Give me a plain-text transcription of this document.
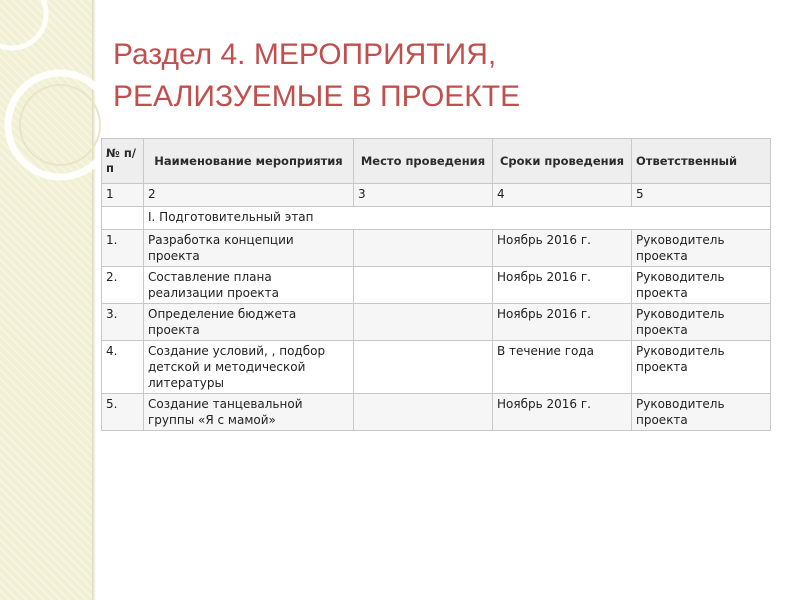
Раздел 4. МЕРОПРИЯТИЯ,
РЕАЛИЗУЕМЫЕ В ПРОЕКТЕ
№ п/п	Наименование мероприятия	Место проведения	Сроки проведения	Ответственный
1	2	3	4	5
	I. Подготовительный этап			
1.	Разработка концепции проекта		Ноябрь 2016 г.	Руководитель проекта
2.	Составление плана реализации проекта		Ноябрь 2016 г.	Руководитель проекта
3.	Определение бюджета проекта		Ноябрь 2016 г.	Руководитель проекта
4.	Создание условий, , подбор детской и методической литературы		В течение года	Руководитель проекта
5.	Создание танцевальной группы «Я с мамой»		Ноябрь 2016 г.	Руководитель проекта
